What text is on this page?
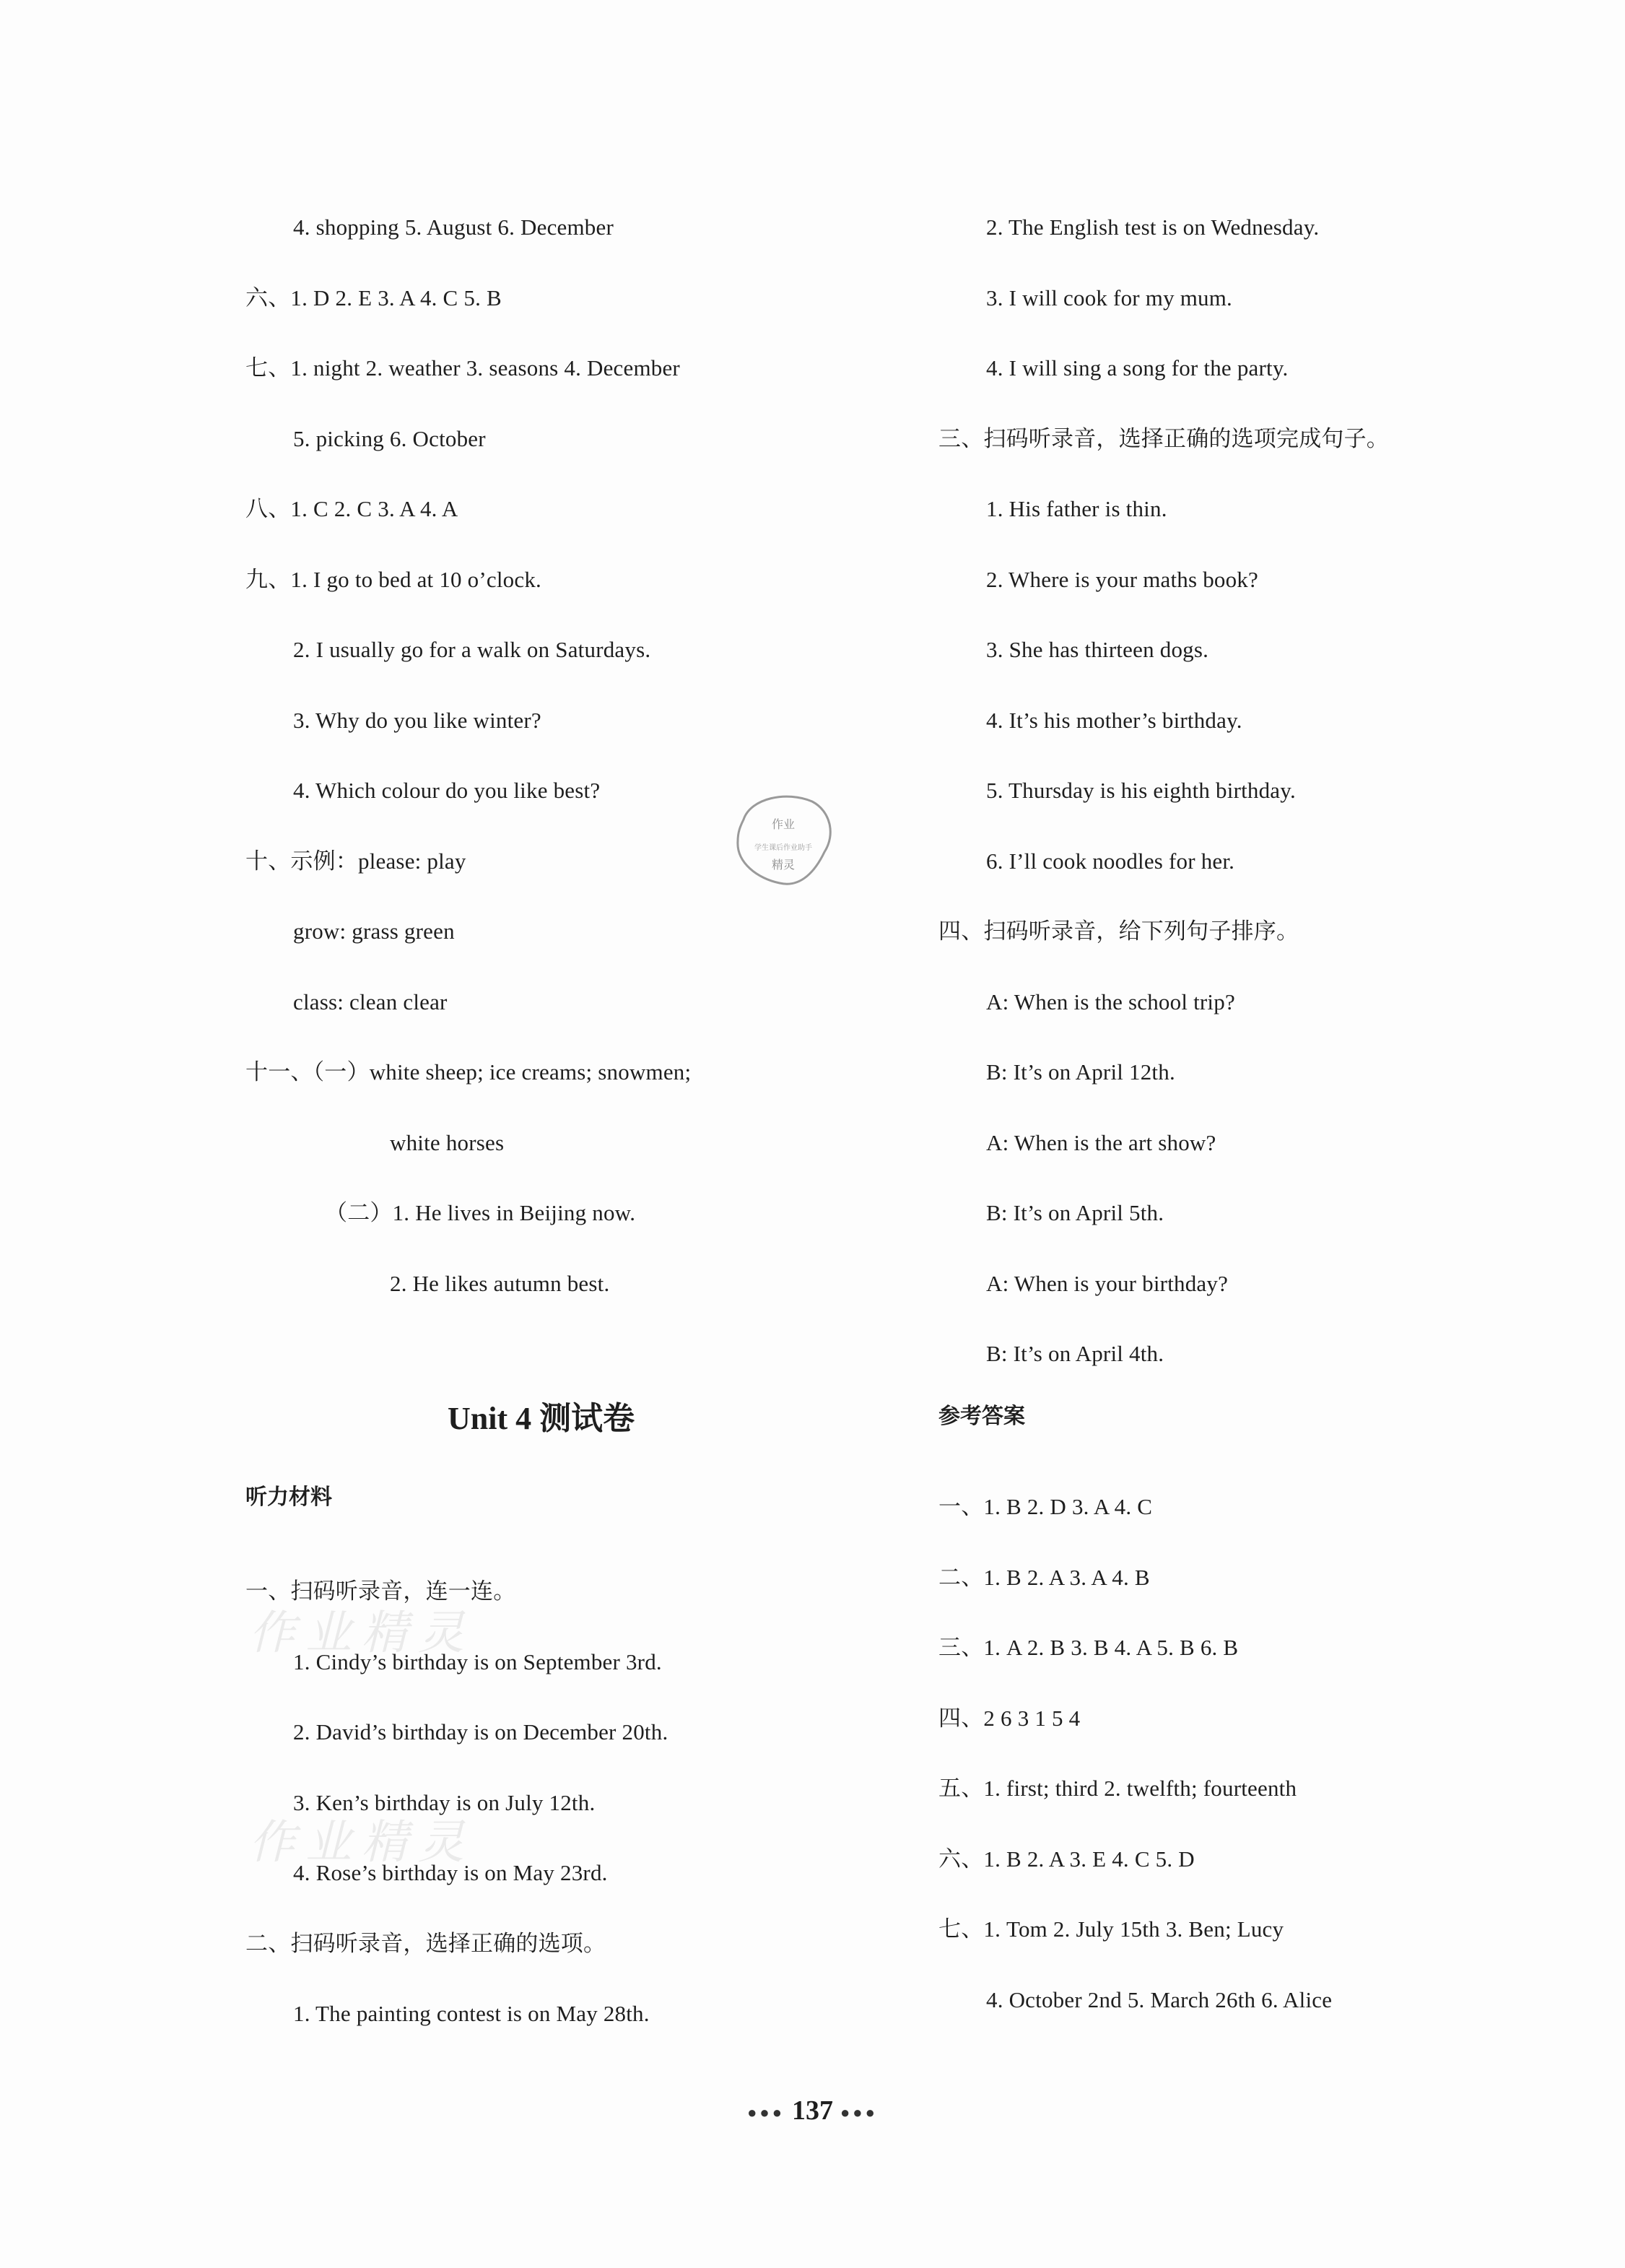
4. shopping 5. August 6. December
六、1. D 2. E 3. A 4. C 5. B
七、1. night 2. weather 3. seasons 4. December
5. picking 6. October
八、1. C 2. C 3. A 4. A
九、1. I go to bed at 10 o’clock.
2. I usually go for a walk on Saturdays.
3. Why do you like winter?
4. Which colour do you like best?
十、示例：please: play
grow: grass green
class: clean clear
十一、（一）white sheep; ice creams; snowmen;
white horses
（二）1. He lives in Beijing now.
2. He likes autumn best.
一、扫码听录音，连一连。
1. Cindy’s birthday is on September 3rd.
2. David’s birthday is on December 20th.
3. Ken’s birthday is on July 12th.
4. Rose’s birthday is on May 23rd.
二、扫码听录音，选择正确的选项。
1. The painting contest is on May 28th.
2. The English test is on Wednesday.
3. I will cook for my mum.
4. I will sing a song for the party.
三、扫码听录音，选择正确的选项完成句子。
1. His father is thin.
2. Where is your maths book?
3. She has thirteen dogs.
4. It’s his mother’s birthday.
5. Thursday is his eighth birthday.
6. I’ll cook noodles for her.
四、扫码听录音，给下列句子排序。
A: When is the school trip?
B: It’s on April 12th.
A: When is the art show?
B: It’s on April 5th.
A: When is your birthday?
B: It’s on April 4th.
一、1. B 2. D 3. A 4. C
二、1. B 2. A 3. A 4. B
三、1. A 2. B 3. B 4. A 5. B 6. B
四、2 6 3 1 5 4
五、1. first; third 2. twelfth; fourteenth
六、1. B 2. A 3. E 4. C 5. D
七、1. Tom 2. July 15th 3. Ben; Lucy
4. October 2nd 5. March 26th 6. Alice
Unit 4 测试卷
听力材料
参考答案
作业精灵
作业精灵
作业
学生课后作业助手
精灵
●●● 137 ●●●
